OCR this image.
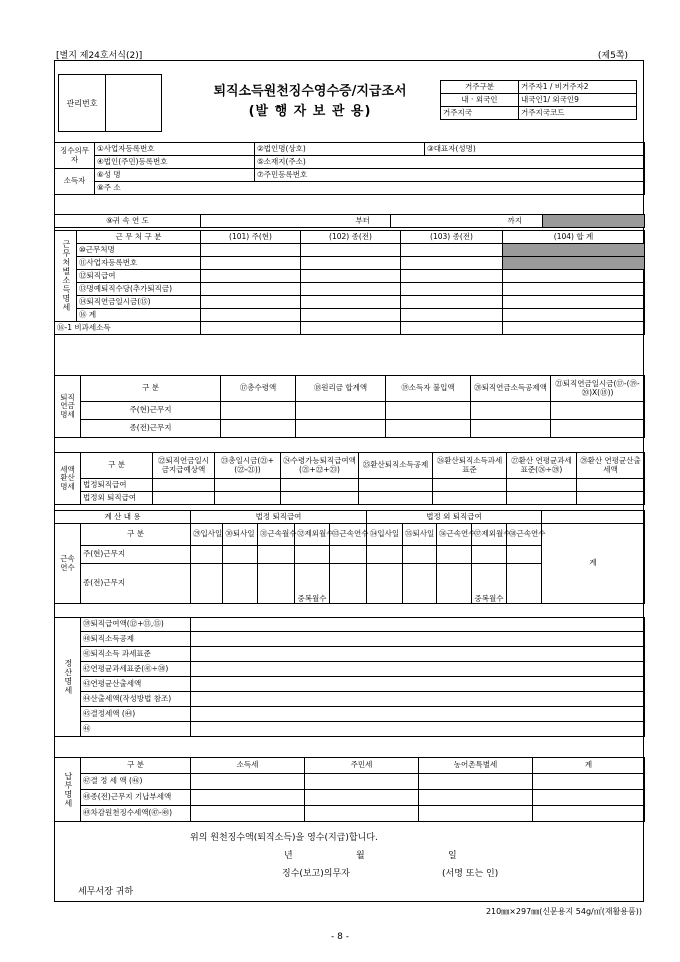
[별지 제24호서식(2)]	(제5쪽)
관리번호
퇴직소득원천징수영수증/지급조서
(발 행 자 보 관 용)
거주구분	거주자1 / 비거주자2
내 · 외국인	내국인1/ 외국인9
거주지국	거주지국코드
징수의무자	①사업자등록번호	②법인명(상호)	③대표자(성명)
	④법인(주민)등록번호	⑤소재지(주소)	
소득자	⑥성 명	⑦주민등록번호	
	⑧주 소		
⑨귀 속 연 도	부터	까지	
근무처별소득명세	근 무 처 구 분	(101) 주(현)	(102) 종(전)	(103) 종(전)	(104) 합 계
	⑩근무처명				
	⑪사업자등록번호				
	⑫퇴직급여				
	⑬명예퇴직수당(추가퇴직금)				
	⑭퇴직연금일시금(⑮)				
	⑯ 계				
⑯-1 비과세소득					
퇴직연금명세	구 분	⑰총수령액	⑱원리금 합계액	⑲소득자 불입액	⑳퇴직연금소득공제액	㉑퇴직연금일시금(⑰-(⑲-⑳)X(⑱))
	주(현)근무지					
	종(전)근무지					
세액환산명세	구 분	㉒퇴직연금일시금지급예상액	㉓총일시금(㉑+(㉒-㉑))	㉔수령가능퇴직급여액(㉑+㉒+㉓)	㉕환산퇴직소득공제	㉖환산퇴직소득과세표준	㉗환산 연평균과세표준(㉖÷㉘)	㉘환산 연평균산출세액
	법정퇴직급여							
	법정외 퇴직급여							
계 산 내 용		법정 퇴직급여					법정 외 퇴직급여					
근속연수	구 분	㉙입사일	㉚퇴사일	㉛근속월수	㉜제외월수	㉝근속연수	㉞입사일	㉟퇴사일	㊱근속연수	㊲제외월수	㊳근속연수	계
	주(현)근무지											
	종(전)근무지				중복월수					중복월수		
정산명세	㊴퇴직급여액(⑫+⑬,⑮)	
	㊵퇴직소득공제	
	㊶퇴직소득 과세표준	
	㊷연평균과세표준(㊶÷㊳)	
	㊸연평균산출세액	
	㊹산출세액(작성방법 참조)	
	㊺결정세액 (㊹)	
	㊻	
납부명세	구 분	소득세	주민세	농어촌특별세	계
	㊼결 정 세 액 (㊻)				
	㊽종(전)근무지 기납부세액				
	㊾차감원천징수세액(㊼-㊽)				
위의 원천징수액(퇴직소득)을 영수(지급)합니다.
년	월	일
징수(보고)의무자	(서명 또는 인)
세무서장 귀하
210㎜×297㎜(신문용지 54g/㎡(재활용품))
- 8 -
